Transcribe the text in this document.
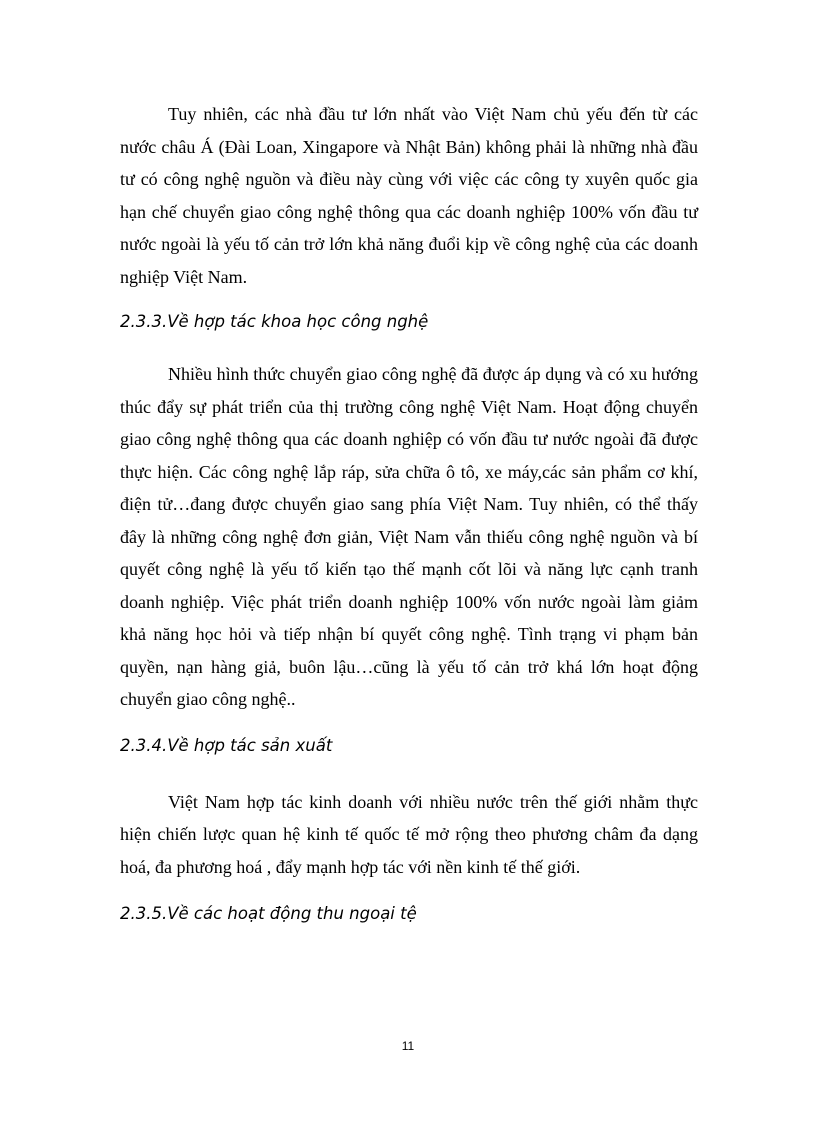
Tuy nhiên, các nhà đầu tư lớn nhất vào Việt Nam chủ yếu đến từ các nước châu Á (Đài Loan, Xingapore và Nhật Bản) không phải là những nhà đầu tư có công nghệ nguồn và điều này cùng với việc các công ty xuyên quốc gia hạn chế chuyển giao công nghệ thông qua các doanh nghiệp 100% vốn đầu tư nước ngoài là yếu tố cản trở lớn khả năng đuổi kịp về công nghệ của các doanh nghiệp Việt Nam.

2.3.3.Về hợp tác khoa học công nghệ

Nhiều hình thức chuyển giao công nghệ đã được áp dụng và có xu hướng thúc đẩy sự phát triển của thị trường công nghệ Việt Nam. Hoạt động chuyển giao công nghệ thông qua các doanh nghiệp có vốn đầu tư nước ngoài đã được thực hiện. Các công nghệ lắp ráp, sửa chữa ô tô, xe máy,các sản phẩm cơ khí, điện tử…đang được chuyển giao sang phía Việt Nam. Tuy nhiên, có thể thấy đây là những công nghệ đơn giản, Việt Nam vẫn thiếu công nghệ nguồn và bí quyết công nghệ là yếu tố kiến tạo thế mạnh cốt lõi và năng lực cạnh tranh doanh nghiệp. Việc phát triển doanh nghiệp 100% vốn nước ngoài làm giảm khả năng học hỏi và tiếp nhận bí quyết công nghệ. Tình trạng vi phạm bản quyền, nạn hàng giả, buôn lậu…cũng là yếu tố cản trở khá lớn hoạt động chuyển giao công nghệ..

2.3.4.Về hợp tác sản xuất

Việt Nam hợp tác kinh doanh với nhiều nước trên thế giới nhằm thực hiện chiến lược quan hệ kinh tế quốc tế mở rộng theo phương châm đa dạng hoá, đa phương hoá , đẩy mạnh hợp tác với nền kinh tế thế giới.

2.3.5.Về các hoạt động thu ngoại tệ

11
